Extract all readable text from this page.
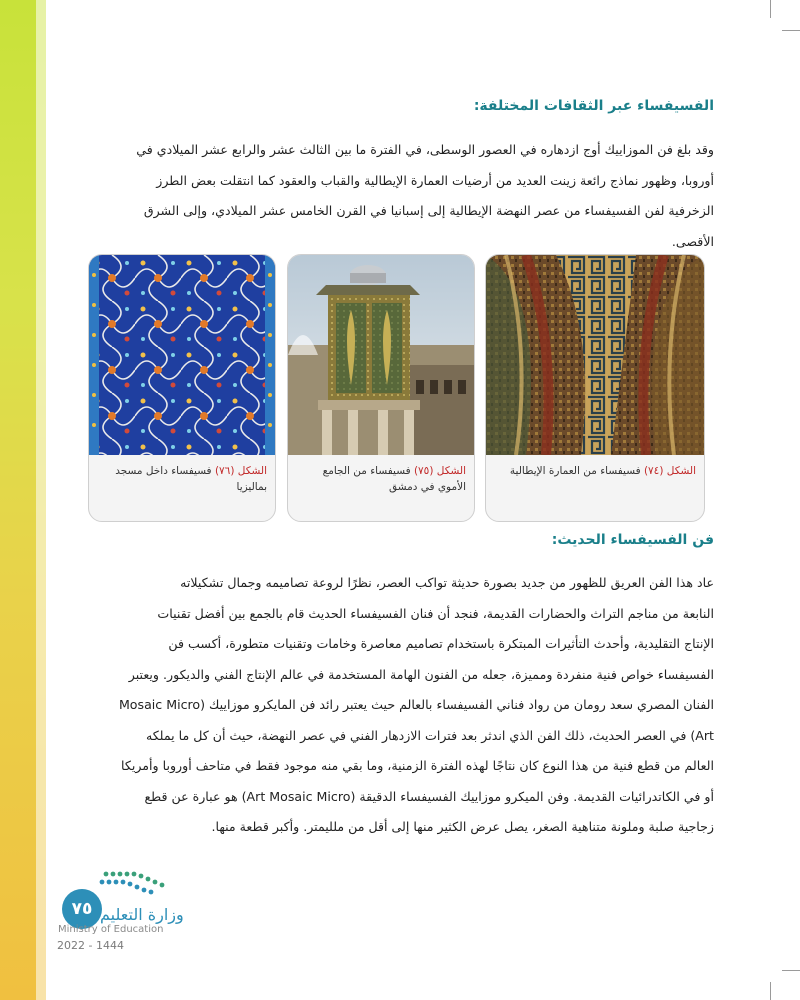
الفسيفساء عبر الثقافات المختلفة:
وقد بلغ فن الموزاييك أوج ازدهاره في العصور الوسطى، في الفترة ما بين الثالث عشر والرابع عشر الميلادي في
أوروبا، وظهور نماذج رائعة زينت العديد من أرضيات العمارة الإيطالية والقباب والعقود كما انتقلت بعض الطرز
الزخرفية لفن الفسيفساء من عصر النهضة الإيطالية إلى إسبانيا في القرن الخامس عشر الميلادي، وإلى الشرق
الأقصى.
الشكل (٧٤) فسيفساء من العمارة الإيطالية
الشكل (٧٥) فسيفساء من الجامع الأموي في دمشق
الشكل (٧٦) فسيفساء داخل مسجد بماليزيا
فن الفسيفساء الحديث:
عاد هذا الفن العريق للظهور من جديد بصورة حديثة تواكب العصر، نظرًا لروعة تصاميمه وجمال تشكيلاته
النابعة من مناجم التراث والحضارات القديمة، فنجد أن فنان الفسيفساء الحديث قام بالجمع بين أفضل تقنيات
الإنتاج التقليدية، وأحدث التأثيرات المبتكرة باستخدام تصاميم معاصرة وخامات وتقنيات متطورة، أكسب فن
الفسيفساء خواص فنية منفردة ومميزة، جعله من الفنون الهامة المستخدمة في عالم الإنتاج الفني والديكور. ويعتبر
الفنان المصري سعد رومان من رواد فناني الفسيفساء بالعالم حيث يعتبر رائد فن المايكرو موزاييك (Mosaic Micro
Art) في العصر الحديث، ذلك الفن الذي اندثر بعد فترات الازدهار الفني في عصر النهضة، حيث أن كل ما يملكه
العالم من قطع فنية من هذا النوع كان نتاجًا لهذه الفترة الزمنية، وما بقي منه موجود فقط في متاحف أوروبا وأمريكا
أو في الكاتدرائيات القديمة. وفن الميكرو موزاييك الفسيفساء الدقيقة (Art Mosaic Micro) هو عبارة عن قطع
زجاجية صلبة وملونة متناهية الصغر، يصل عرض الكثير منها إلى أقل من ملليمتر. وأكبر قطعة منها.
٧٥ وزارة التعليم
Ministry of Education
2022 - 1444
